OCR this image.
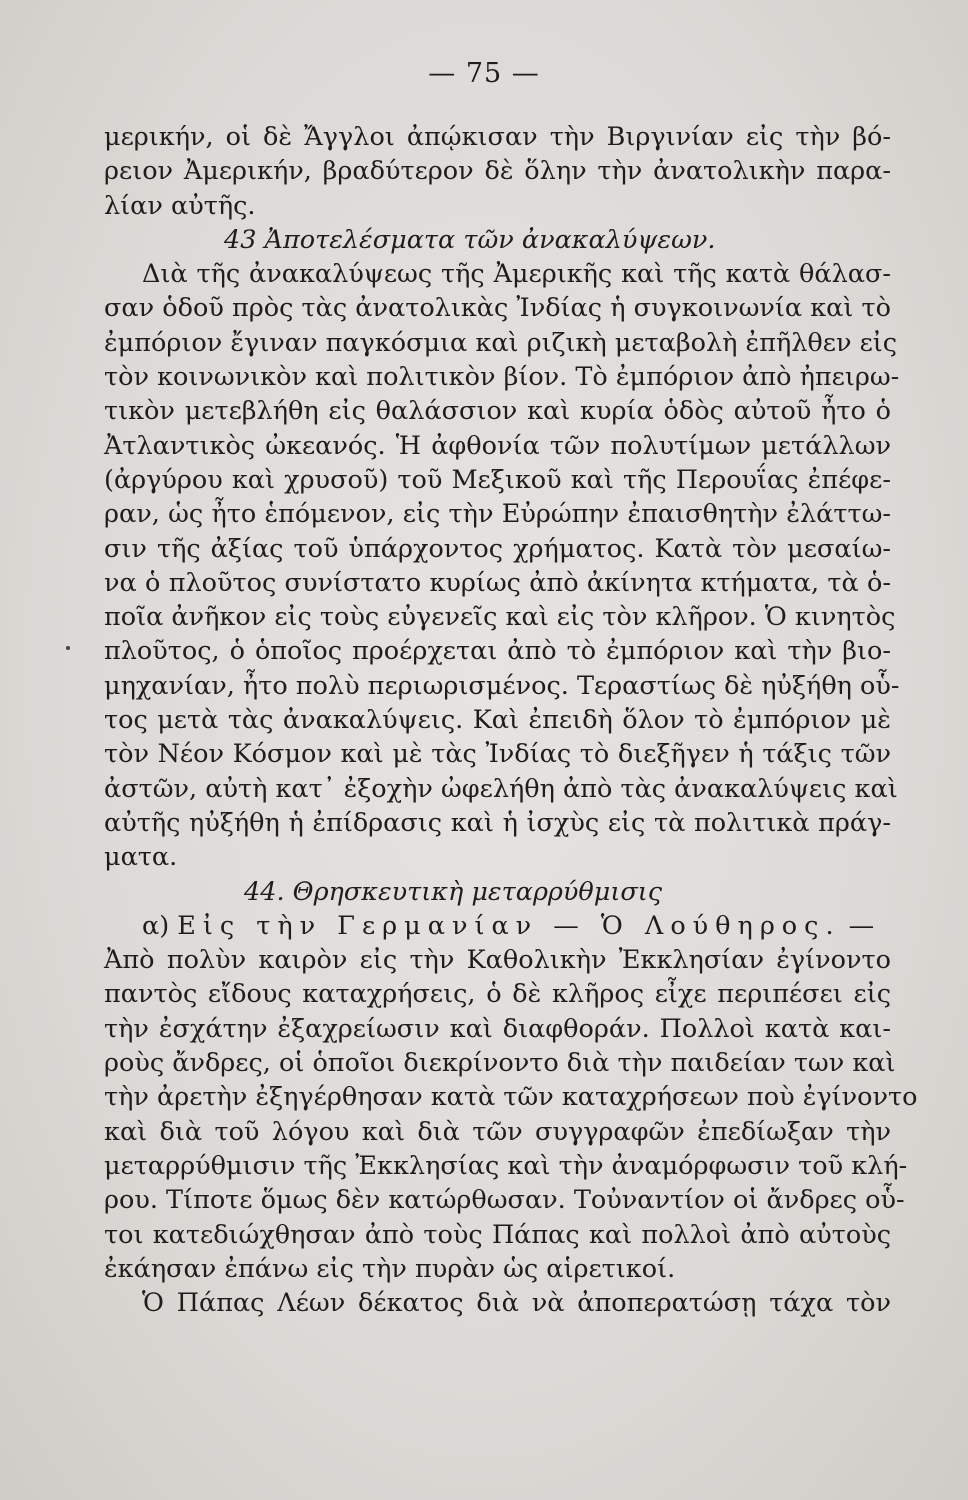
— 75 —
μερικήν, οἱ δὲ Ἄγγλοι ἀπῴκισαν τὴν Βιργινίαν εἰς τὴν βό-
ρειον Ἀμερικήν, βραδύτερον δὲ ὅλην τὴν ἀνατολικὴν παρα-
λίαν αὐτῆς.
43 Ἀποτελέσματα τῶν ἀνακαλύψεων.
Διὰ τῆς ἀνακαλύψεως τῆς Ἀμερικῆς καὶ τῆς κατὰ θάλασ-
σαν ὁδοῦ πρὸς τὰς ἀνατολικὰς Ἰνδίας ἡ συγκοινωνία καὶ τὸ
ἐμπόριον ἔγιναν παγκόσμια καὶ ριζικὴ μεταβολὴ ἐπῆλθεν εἰς
τὸν κοινωνικὸν καὶ πολιτικὸν βίον. Τὸ ἐμπόριον ἀπὸ ἠπειρω-
τικὸν μετεβλήθη εἰς θαλάσσιον καὶ κυρία ὁδὸς αὐτοῦ ἦτο ὁ
Ἀτλαντικὸς ὠκεανός. Ἡ ἀφθονία τῶν πολυτίμων μετάλλων
(ἀργύρου καὶ χρυσοῦ) τοῦ Μεξικοῦ καὶ τῆς Περουΐας ἐπέφε-
ραν, ὡς ἦτο ἑπόμενον, εἰς τὴν Εὐρώπην ἐπαισθητὴν ἐλάττω-
σιν τῆς ἀξίας τοῦ ὑπάρχοντος χρήματος. Κατὰ τὸν μεσαίω-
να ὁ πλοῦτος συνίστατο κυρίως ἀπὸ ἀκίνητα κτήματα, τὰ ὁ-
ποῖα ἀνῆκον εἰς τοὺς εὐγενεῖς καὶ εἰς τὸν κλῆρον. Ὁ κινητὸς
πλοῦτος, ὁ ὁποῖος προέρχεται ἀπὸ τὸ ἐμπόριον καὶ τὴν βιο-
μηχανίαν, ἦτο πολὺ περιωρισμένος. Τεραστίως δὲ ηὐξήθη οὗ-
τος μετὰ τὰς ἀνακαλύψεις. Καὶ ἐπειδὴ ὅλον τὸ ἐμπόριον μὲ
τὸν Νέον Κόσμον καὶ μὲ τὰς Ἰνδίας τὸ διεξῆγεν ἡ τάξις τῶν
ἀστῶν, αὐτὴ κατ᾽ ἐξοχὴν ὠφελήθη ἀπὸ τὰς ἀνακαλύψεις καὶ
αὐτῆς ηὐξήθη ἡ ἐπίδρασις καὶ ἡ ἰσχὺς εἰς τὰ πολιτικὰ πράγ-
ματα.
44. Θρησκευτικὴ μεταρρύθμισις
α) Εἰς τὴν Γερμανίαν — Ὁ Λούθηρος. —
Ἀπὸ πολὺν καιρὸν εἰς τὴν Καθολικὴν Ἐκκλησίαν ἐγίνοντο
παντὸς εἴδους καταχρήσεις, ὁ δὲ κλῆρος εἶχε περιπέσει εἰς
τὴν ἐσχάτην ἐξαχρείωσιν καὶ διαφθοράν. Πολλοὶ κατὰ και-
ροὺς ἄνδρες, οἱ ὁποῖοι διεκρίνοντο διὰ τὴν παιδείαν των καὶ
τὴν ἀρετὴν ἐξηγέρθησαν κατὰ τῶν καταχρήσεων ποὺ ἐγίνοντο
καὶ διὰ τοῦ λόγου καὶ διὰ τῶν συγγραφῶν ἐπεδίωξαν τὴν
μεταρρύθμισιν τῆς Ἐκκλησίας καὶ τὴν ἀναμόρφωσιν τοῦ κλή-
ρου. Τίποτε ὅμως δὲν κατώρθωσαν. Τοὐναντίον οἱ ἄνδρες οὗ-
τοι κατεδιώχθησαν ἀπὸ τοὺς Πάπας καὶ πολλοὶ ἀπὸ αὐτοὺς
ἐκάησαν ἐπάνω εἰς τὴν πυρὰν ὡς αἱρετικοί.
Ὁ Πάπας Λέων δέκατος διὰ νὰ ἀποπερατώσῃ τάχα τὸν
